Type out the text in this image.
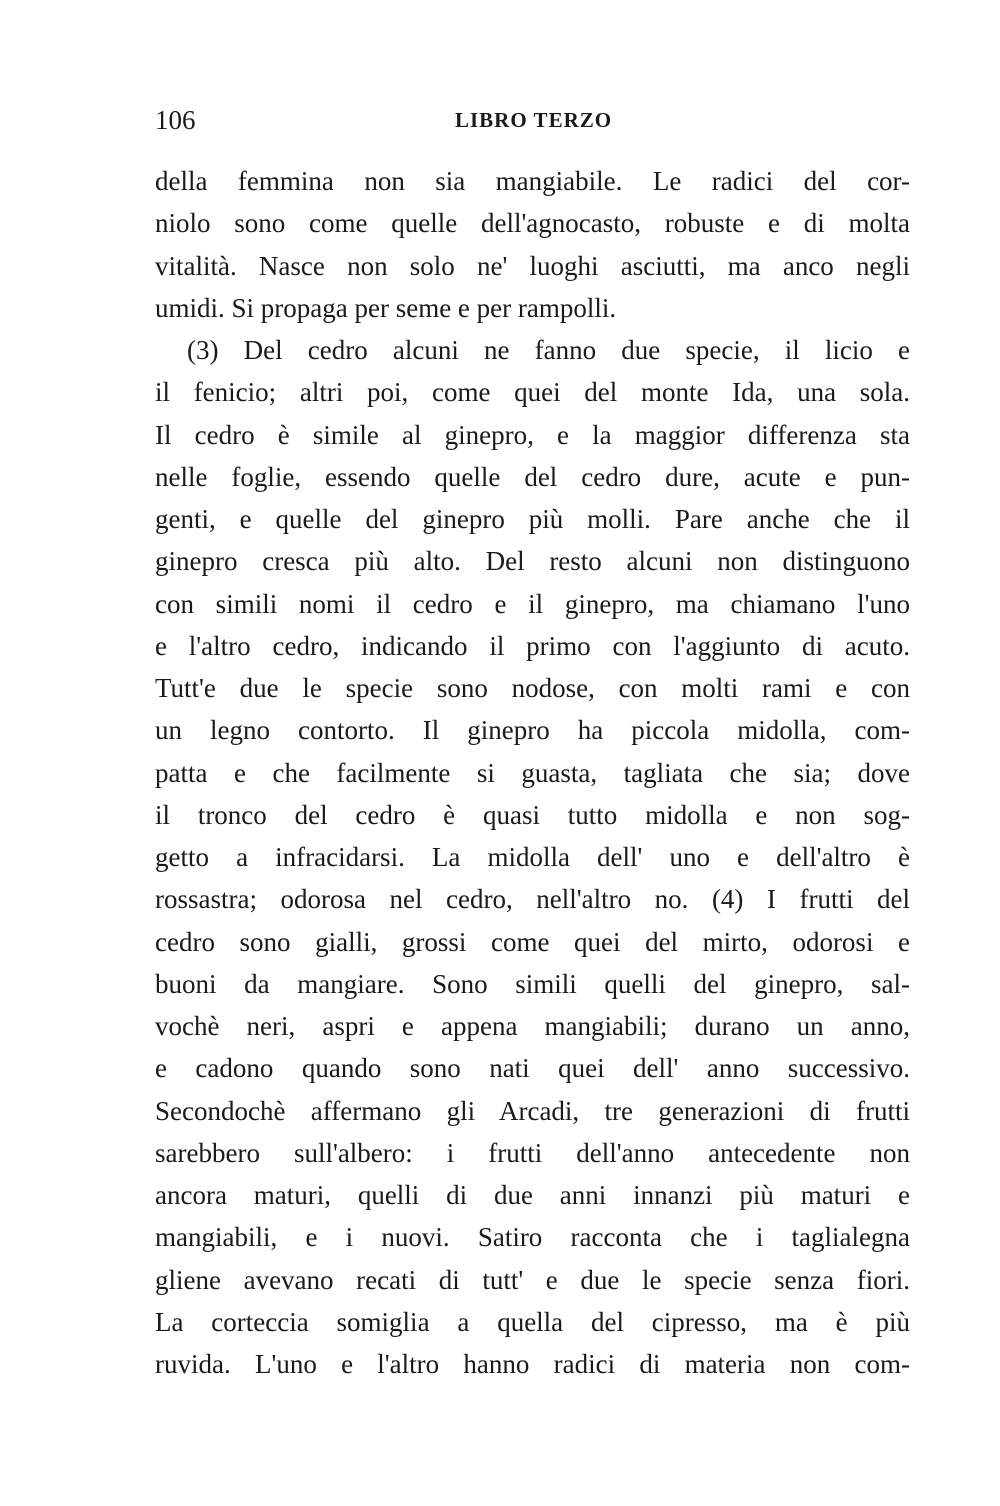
106	LIBRO TERZO
della femmina non sia mangiabile. Le radici del cor-
niolo sono come quelle dell'agnocasto, robuste e di molta
vitalità. Nasce non solo ne' luoghi asciutti, ma anco negli
umidi. Si propaga per seme e per rampolli.
(3) Del cedro alcuni ne fanno due specie, il licio e
il fenicio; altri poi, come quei del monte Ida, una sola.
Il cedro è simile al ginepro, e la maggior differenza sta
nelle foglie, essendo quelle del cedro dure, acute e pun-
genti, e quelle del ginepro più molli. Pare anche che il
ginepro cresca più alto. Del resto alcuni non distinguono
con simili nomi il cedro e il ginepro, ma chiamano l'uno
e l'altro cedro, indicando il primo con l'aggiunto di acuto.
Tutt'e due le specie sono nodose, con molti rami e con
un legno contorto. Il ginepro ha piccola midolla, com-
patta e che facilmente si guasta, tagliata che sia; dove
il tronco del cedro è quasi tutto midolla e non sog-
getto a infracidarsi. La midolla dell' uno e dell'altro è
rossastra; odorosa nel cedro, nell'altro no. (4) I frutti del
cedro sono gialli, grossi come quei del mirto, odorosi e
buoni da mangiare. Sono simili quelli del ginepro, sal-
vochè neri, aspri e appena mangiabili; durano un anno,
e cadono quando sono nati quei dell' anno successivo.
Secondochè affermano gli Arcadi, tre generazioni di frutti
sarebbero sull'albero: i frutti dell'anno antecedente non
ancora maturi, quelli di due anni innanzi più maturi e
mangiabili, e i nuovi. Satiro racconta che i taglialegna
gliene avevano recati di tutt' e due le specie senza fiori.
La corteccia somiglia a quella del cipresso, ma è più
ruvida. L'uno e l'altro hanno radici di materia non com-
